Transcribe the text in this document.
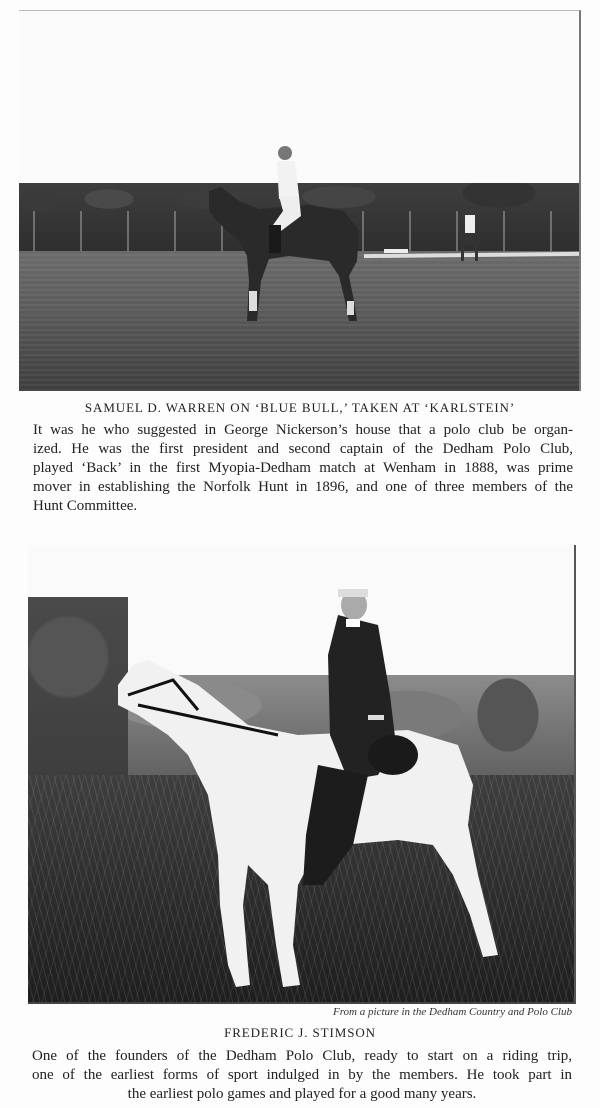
SAMUEL D. WARREN ON ‘BLUE BULL,’ TAKEN AT ‘KARLSTEIN’
It was he who suggested in George Nickerson’s house that a polo club be organ-
ized. He was the first president and second captain of the Dedham Polo Club,
played ‘Back’ in the first Myopia-Dedham match at Wenham in 1888, was prime
mover in establishing the Norfolk Hunt in 1896, and one of three members of the
Hunt Committee.
From a picture in the Dedham Country and Polo Club
FREDERIC J. STIMSON
One of the founders of the Dedham Polo Club, ready to start on a riding trip,
one of the earliest forms of sport indulged in by the members. He took part in
the earliest polo games and played for a good many years.
